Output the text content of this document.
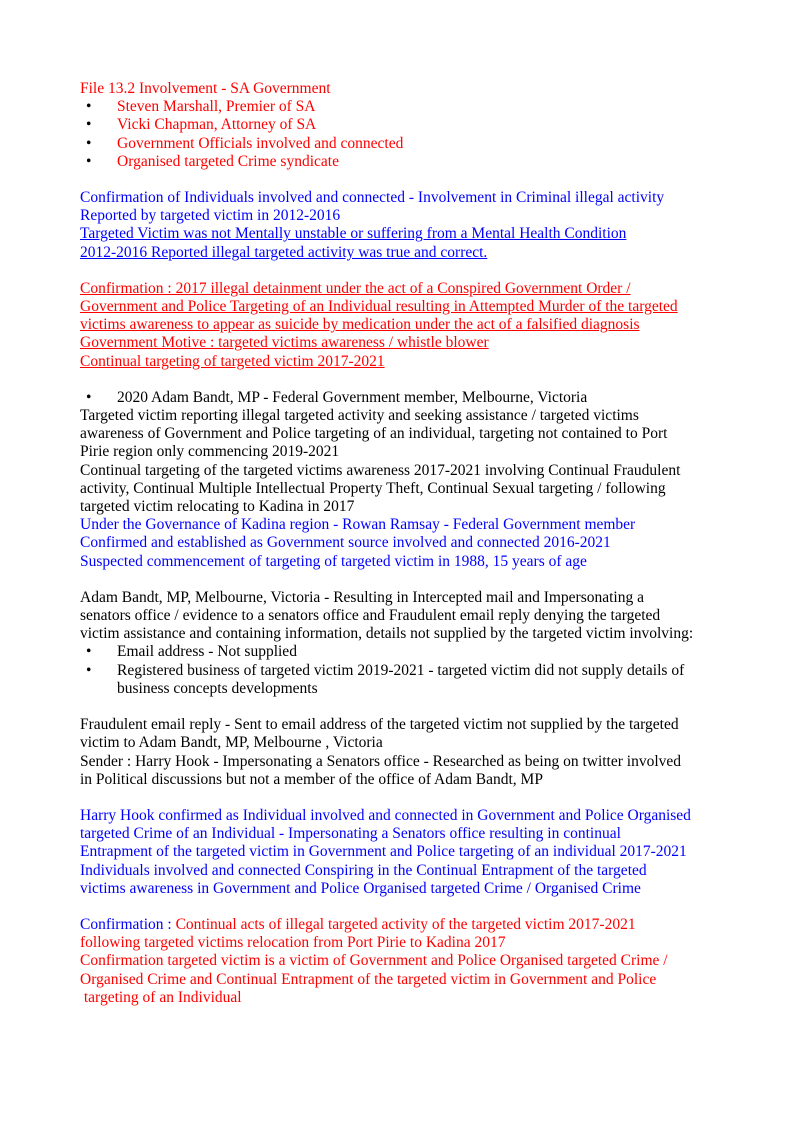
File 13.2 Involvement - SA Government

• Steven Marshall, Premier of SA
• Vicki Chapman, Attorney of SA
• Government Officials involved and connected
• Organised targeted Crime syndicate

Confirmation of Individuals involved and connected - Involvement in Criminal illegal activity

Reported by targeted victim in 2012-2016

Targeted Victim was not Mentally unstable or suffering from a Mental Health Condition

2012-2016 Reported illegal targeted activity was true and correct.

Confirmation : 2017 illegal detainment under the act of a Conspired Government Order /

Government and Police Targeting of an Individual resulting in Attempted Murder of the targeted

victims awareness to appear as suicide by medication under the act of a falsified diagnosis

Government Motive : targeted victims awareness / whistle blower

Continual targeting of targeted victim 2017-2021

• 2020 Adam Bandt, MP - Federal Government member, Melbourne, Victoria

Targeted victim reporting illegal targeted activity and seeking assistance / targeted victims

awareness of Government and Police targeting of an individual, targeting not contained to Port

Pirie region only commencing 2019-2021

Continual targeting of the targeted victims awareness 2017-2021 involving Continual Fraudulent

activity, Continual Multiple Intellectual Property Theft, Continual Sexual targeting / following

targeted victim relocating to Kadina in 2017

Under the Governance of Kadina region - Rowan Ramsay - Federal Government member

Confirmed and established as Government source involved and connected 2016-2021

Suspected commencement of targeting of targeted victim in 1988, 15 years of age

Adam Bandt, MP, Melbourne, Victoria - Resulting in Intercepted mail and Impersonating a

senators office / evidence to a senators office and Fraudulent email reply denying the targeted

victim assistance and containing information, details not supplied by the targeted victim involving:

• Email address - Not supplied
• Registered business of targeted victim 2019-2021 - targeted victim did not supply details of business concepts developments

Fraudulent email reply - Sent to email address of the targeted victim not supplied by the targeted

victim to Adam Bandt, MP, Melbourne , Victoria

Sender : Harry Hook - Impersonating a Senators office - Researched as being on twitter involved

in Political discussions but not a member of the office of Adam Bandt, MP

Harry Hook confirmed as Individual involved and connected in Government and Police Organised

targeted Crime of an Individual - Impersonating a Senators office resulting in continual

Entrapment of the targeted victim in Government and Police targeting of an individual 2017-2021

Individuals involved and connected Conspiring in the Continual Entrapment of the targeted

victims awareness in Government and Police Organised targeted Crime / Organised Crime

Confirmation : Continual acts of illegal targeted activity of the targeted victim 2017-2021

following targeted victims relocation from Port Pirie to Kadina 2017

Confirmation targeted victim is a victim of Government and Police Organised targeted Crime /

Organised Crime and Continual Entrapment of the targeted victim in Government and Police

targeting of an Individual
